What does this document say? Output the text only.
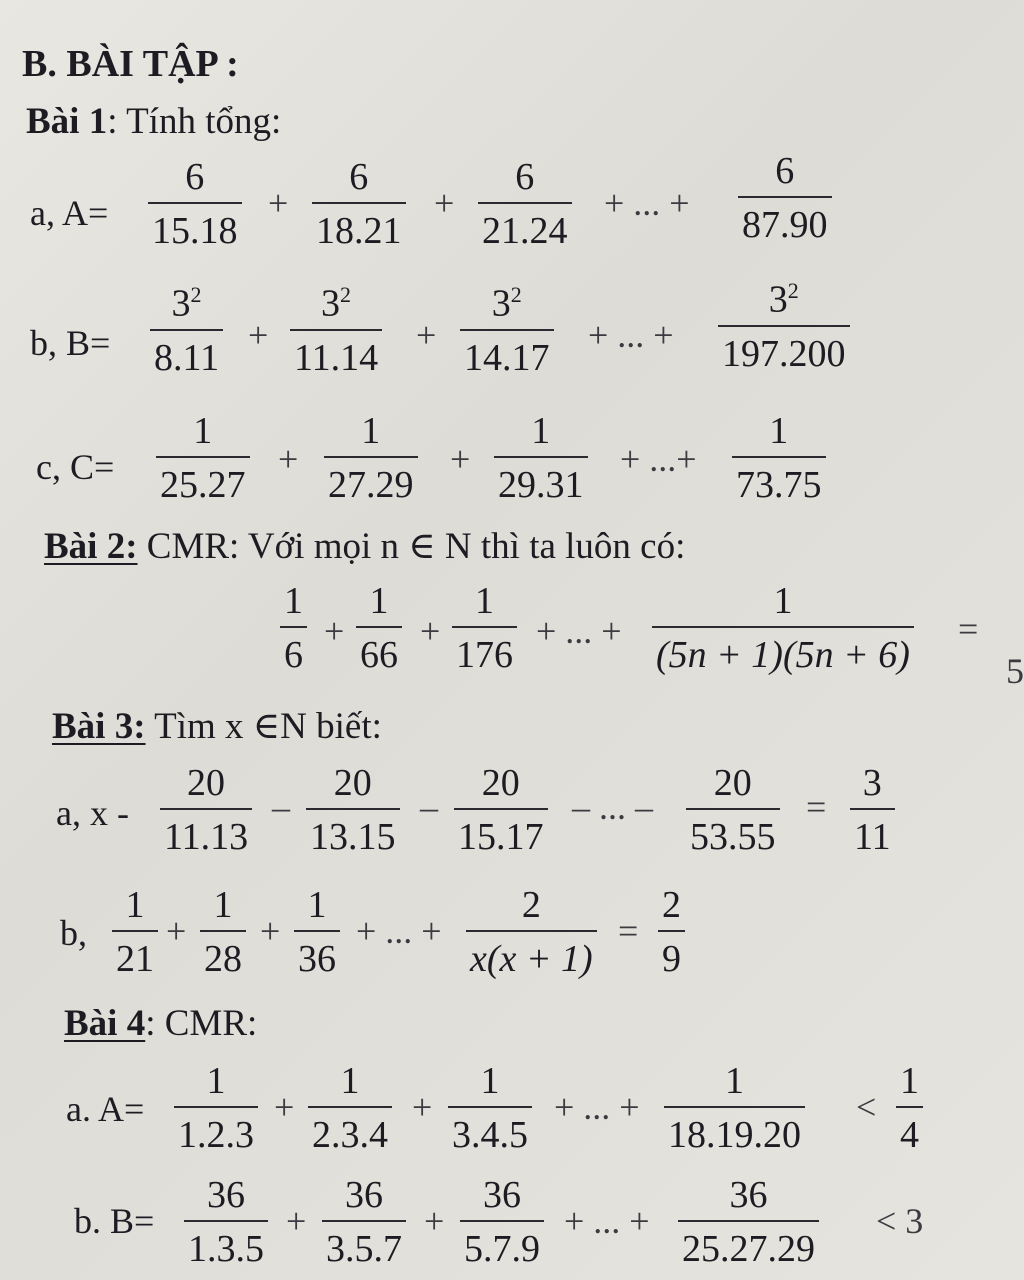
B. BÀI TẬP :
Bài 1: Tính tổng:
a, $A= \frac{6}{15.18} + \frac{6}{18.21} + \frac{6}{21.24}$ + ... + $\frac{6}{87.90}$
b, $B= \frac{3^2}{8.11} + \frac{3^2}{11.14} + \frac{3^2}{14.17}$ + ... + $\frac{3^2}{197.200}$
c, $C= \frac{1}{25.27} + \frac{1}{27.29} + \frac{1}{29.31}$ + ...+ $\frac{1}{73.75}$
Bài 2: CMR: Với mọi n ∈ N thì ta luôn có:
$\frac{1}{6} + \frac{1}{66} + \frac{1}{176}$ + ... + $\frac{1}{(5n + 1)(5n + 6)}$ =
5
Bài 3: Tìm x ∈N biết:
a, x - $\frac{20}{11.13} - \frac{20}{13.15} - \frac{20}{15.17}$ – ... – $\frac{20}{53.55} = \frac{3}{11}$
b, $\frac{1}{21} + \frac{1}{28} + \frac{1}{36}$ + ... + $\frac{2}{x(x + 1)} = \frac{2}{9}$
Bài 4: CMR:
a. $A= \frac{1}{1.2.3} + \frac{1}{2.3.4} + \frac{1}{3.4.5}$ + ... + $\frac{1}{18.19.20} < \frac{1}{4}$
b. $B= \frac{36}{1.3.5} + \frac{36}{3.5.7} + \frac{36}{5.7.9}$ + ... + $\frac{36}{25.27.29} < 3$
